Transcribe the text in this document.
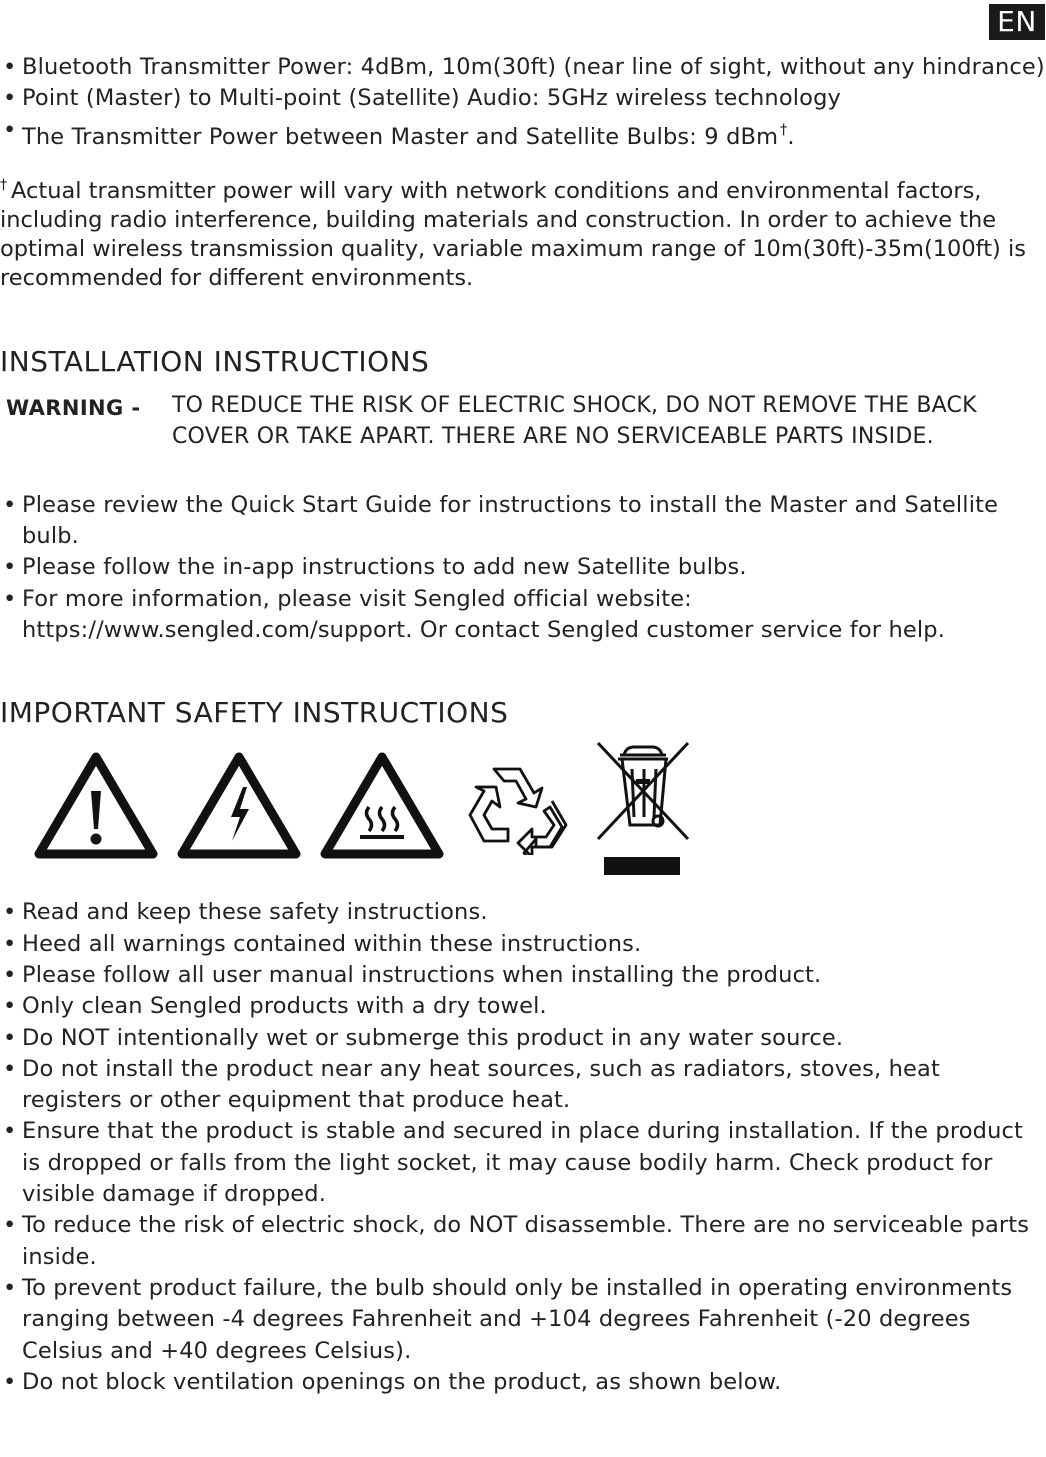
EN
• Bluetooth Transmitter Power: 4dBm, 10m(30ft) (near line of sight, without any hindrance)
• Point (Master) to Multi-point (Satellite) Audio: 5GHz wireless technology
• The Transmitter Power between Master and Satellite Bulbs: 9 dBm †.

† Actual transmitter power will vary with network conditions and environmental factors, including radio interference, building materials and construction. In order to achieve the optimal wireless transmission quality, variable maximum range of 10m(30ft)-35m(100ft) is recommended for different environments.

INSTALLATION INSTRUCTIONS
WARNING - TO REDUCE THE RISK OF ELECTRIC SHOCK, DO NOT REMOVE THE BACK COVER OR TAKE APART. THERE ARE NO SERVICEABLE PARTS INSIDE.
• Please review the Quick Start Guide for instructions to install the Master and Satellite bulb.
• Please follow the in-app instructions to add new Satellite bulbs.
• For more information, please visit Sengled official website: https://www.sengled.com/support. Or contact Sengled customer service for help.
IMPORTANT SAFETY INSTRUCTIONS
• Read and keep these safety instructions.
• Heed all warnings contained within these instructions.
• Please follow all user manual instructions when installing the product.
• Only clean Sengled products with a dry towel.
• Do NOT intentionally wet or submerge this product in any water source.
• Do not install the product near any heat sources, such as radiators, stoves, heat registers or other equipment that produce heat.
• Ensure that the product is stable and secured in place during installation. If the product is dropped or falls from the light socket, it may cause bodily harm. Check product for visible damage if dropped.
• To reduce the risk of electric shock, do NOT disassemble. There are no serviceable parts inside.
• To prevent product failure, the bulb should only be installed in operating environments ranging between -4 degrees Fahrenheit and +104 degrees Fahrenheit (-20 degrees Celsius and +40 degrees Celsius).
• Do not block ventilation openings on the product, as shown below.
